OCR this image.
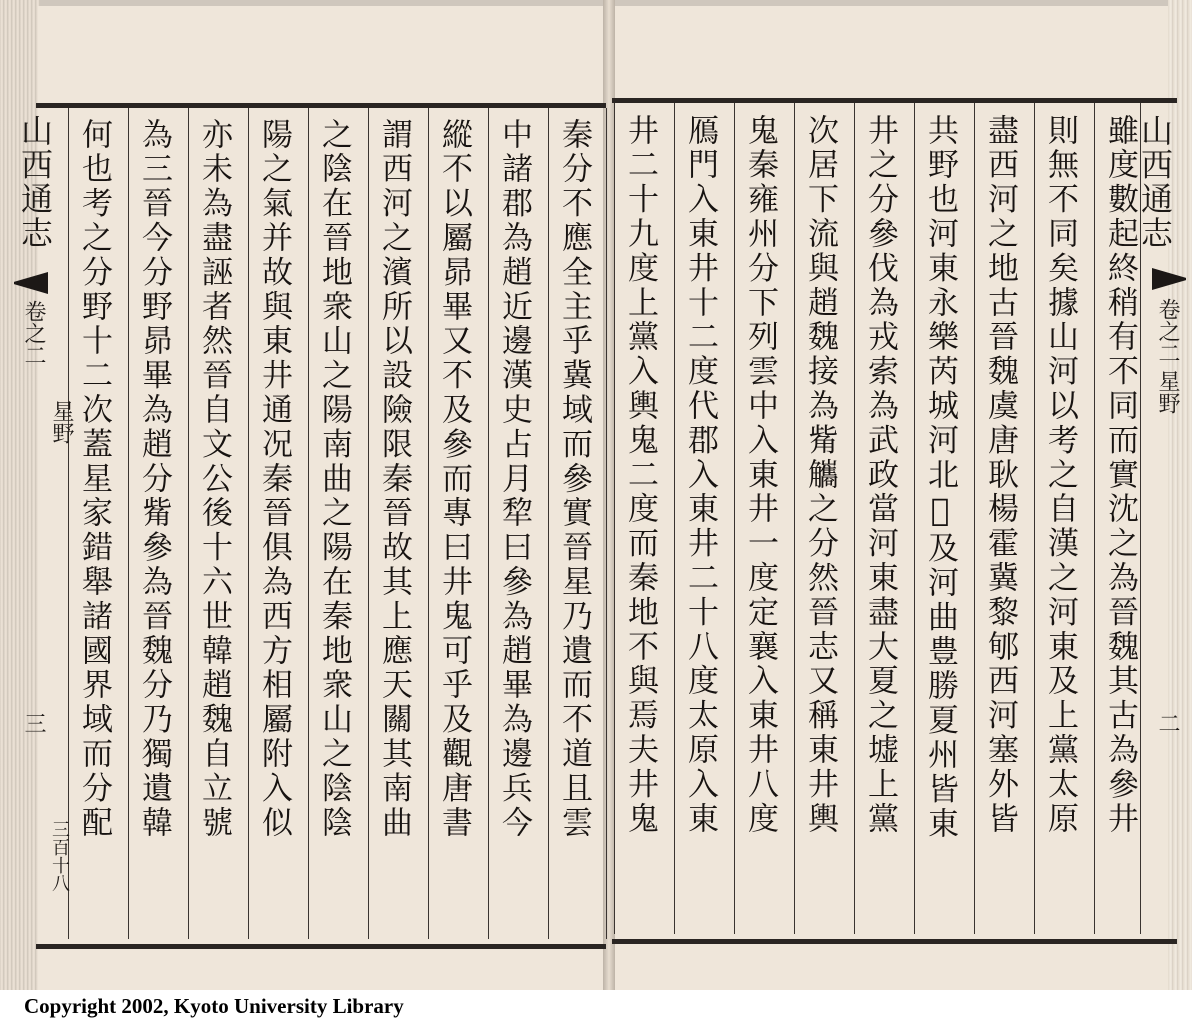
雖度數起終稍有不同而實沈之為晉魏其古為參井
則無不同矣據山河以考之自漢之河東及上黨太原
盡西河之地古晉魏虞唐耿楊霍冀黎郇西河塞外皆
共野也河東永樂芮城河北𨞬及河曲豊勝夏州皆東
井之分參伐為戎索為武政當河東盡大夏之墟上黨
次居下流與趙魏接為觜觿之分然晉志又稱東井輿
鬼秦雍州分下列雲中入東井一度定襄入東井八度
鴈門入東井十二度代郡入東井二十八度太原入東
井二十九度上黨入輿鬼二度而秦地不與焉夫井鬼	山西通志
卷之二
星野
二
山西通志
卷之二
星野
三
三百十八
秦分不應全主乎冀域而參實晉星乃遺而不道且雲
中諸郡為趙近邊漢史占月犂曰參為趙畢為邊兵今
縱不以屬昴畢又不及參而專曰井鬼可乎及觀唐書
謂西河之濱所以設險限秦晉故其上應天關其南曲
之陰在晉地衆山之陽南曲之陽在秦地衆山之陰陰
陽之氣并故與東井通况秦晉俱為西方相屬附入似
亦未為盡誣者然晉自文公後十六世韓趙魏自立號
為三晉今分野昴畢為趙分觜參為晉魏分乃獨遺韓
何也考之分野十二次蓋星家錯舉諸國界域而分配
Copyright 2002, Kyoto University Library
